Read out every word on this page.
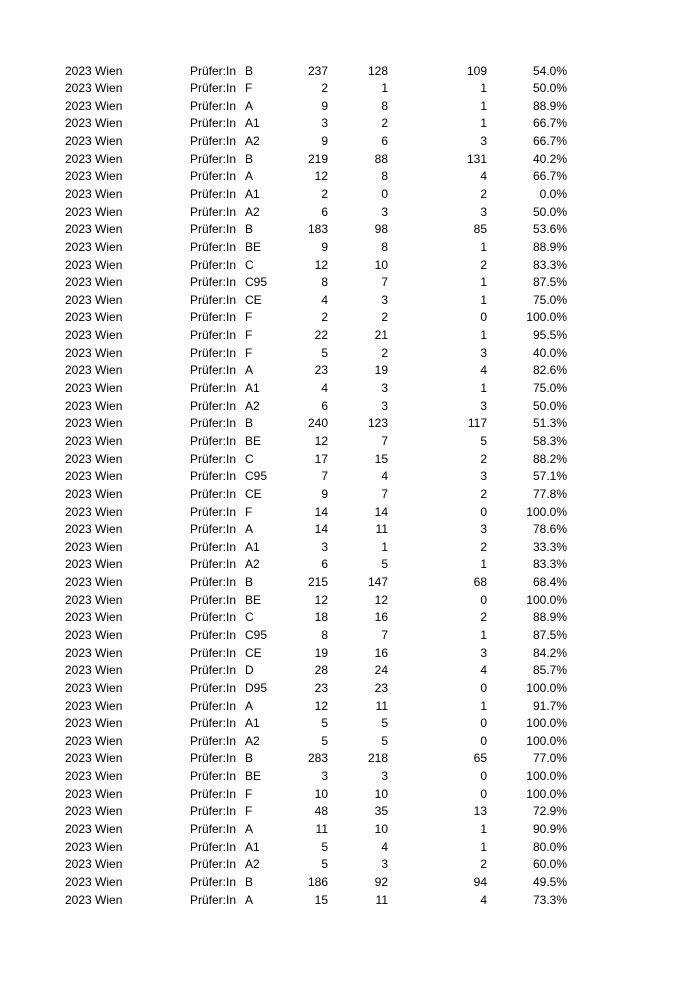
2023 Wien	Prüfer:In B	237	128	109	54.0%
2023 Wien	Prüfer:In F	2	1	1	50.0%
2023 Wien	Prüfer:In A	9	8	1	88.9%
2023 Wien	Prüfer:In A1	3	2	1	66.7%
2023 Wien	Prüfer:In A2	9	6	3	66.7%
2023 Wien	Prüfer:In B	219	88	131	40.2%
2023 Wien	Prüfer:In A	12	8	4	66.7%
2023 Wien	Prüfer:In A1	2	0	2	0.0%
2023 Wien	Prüfer:In A2	6	3	3	50.0%
2023 Wien	Prüfer:In B	183	98	85	53.6%
2023 Wien	Prüfer:In BE	9	8	1	88.9%
2023 Wien	Prüfer:In C	12	10	2	83.3%
2023 Wien	Prüfer:In C95	8	7	1	87.5%
2023 Wien	Prüfer:In CE	4	3	1	75.0%
2023 Wien	Prüfer:In F	2	2	0	100.0%
2023 Wien	Prüfer:In F	22	21	1	95.5%
2023 Wien	Prüfer:In F	5	2	3	40.0%
2023 Wien	Prüfer:In A	23	19	4	82.6%
2023 Wien	Prüfer:In A1	4	3	1	75.0%
2023 Wien	Prüfer:In A2	6	3	3	50.0%
2023 Wien	Prüfer:In B	240	123	117	51.3%
2023 Wien	Prüfer:In BE	12	7	5	58.3%
2023 Wien	Prüfer:In C	17	15	2	88.2%
2023 Wien	Prüfer:In C95	7	4	3	57.1%
2023 Wien	Prüfer:In CE	9	7	2	77.8%
2023 Wien	Prüfer:In F	14	14	0	100.0%
2023 Wien	Prüfer:In A	14	11	3	78.6%
2023 Wien	Prüfer:In A1	3	1	2	33.3%
2023 Wien	Prüfer:In A2	6	5	1	83.3%
2023 Wien	Prüfer:In B	215	147	68	68.4%
2023 Wien	Prüfer:In BE	12	12	0	100.0%
2023 Wien	Prüfer:In C	18	16	2	88.9%
2023 Wien	Prüfer:In C95	8	7	1	87.5%
2023 Wien	Prüfer:In CE	19	16	3	84.2%
2023 Wien	Prüfer:In D	28	24	4	85.7%
2023 Wien	Prüfer:In D95	23	23	0	100.0%
2023 Wien	Prüfer:In A	12	11	1	91.7%
2023 Wien	Prüfer:In A1	5	5	0	100.0%
2023 Wien	Prüfer:In A2	5	5	0	100.0%
2023 Wien	Prüfer:In B	283	218	65	77.0%
2023 Wien	Prüfer:In BE	3	3	0	100.0%
2023 Wien	Prüfer:In F	10	10	0	100.0%
2023 Wien	Prüfer:In F	48	35	13	72.9%
2023 Wien	Prüfer:In A	11	10	1	90.9%
2023 Wien	Prüfer:In A1	5	4	1	80.0%
2023 Wien	Prüfer:In A2	5	3	2	60.0%
2023 Wien	Prüfer:In B	186	92	94	49.5%
2023 Wien	Prüfer:In A	15	11	4	73.3%
